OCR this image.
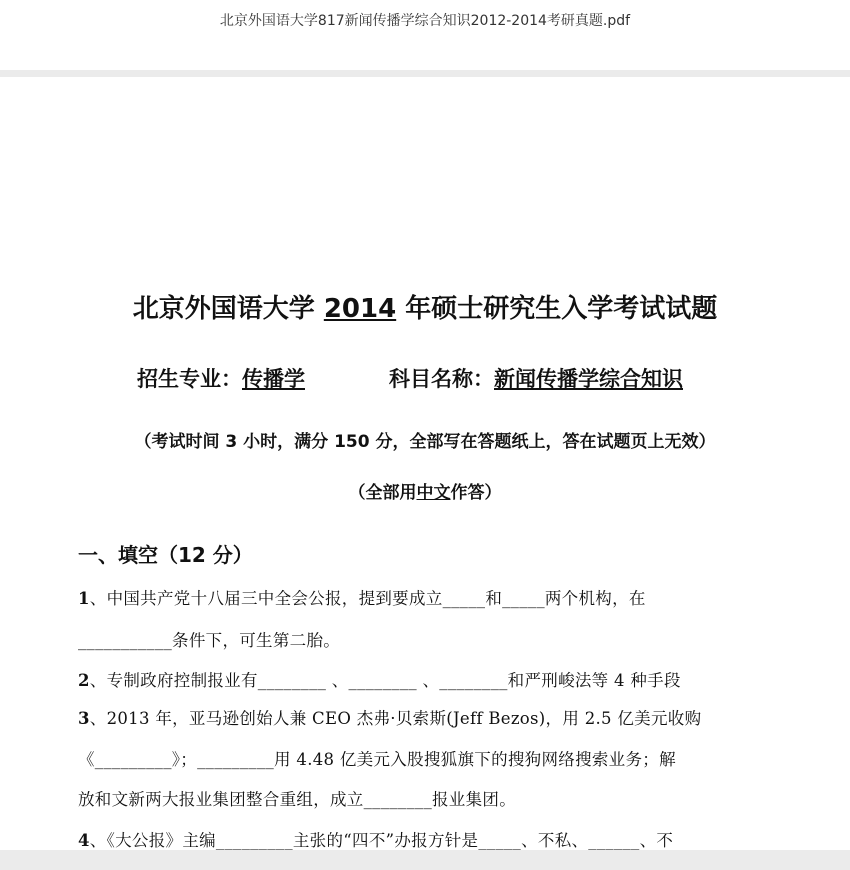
北京外国语大学817新闻传播学综合知识2012-2014考研真题.pdf
北京外国语大学 2014 年硕士研究生入学考试试题
招生专业：传播学	科目名称：新闻传播学综合知识
（考试时间 3 小时，满分 150 分，全部写在答题纸上，答在试题页上无效）
（全部用中文作答）
一、填空（12 分）
1、中国共产党十八届三中全会公报，提到要成立_____和_____两个机构，在
___________条件下，可生第二胎。
2、专制政府控制报业有________ 、________ 、________和严刑峻法等 4 种手段
3、2013 年，亚马逊创始人兼 CEO 杰弗·贝索斯(Jeff Bezos)，用 2.5 亿美元收购
《_________》；_________用 4.48 亿美元入股搜狐旗下的搜狗网络搜索业务；解
放和文新两大报业集团整合重组，成立________报业集团。
4、《大公报》主编_________主张的“四不”办报方针是_____、不私、______、不
